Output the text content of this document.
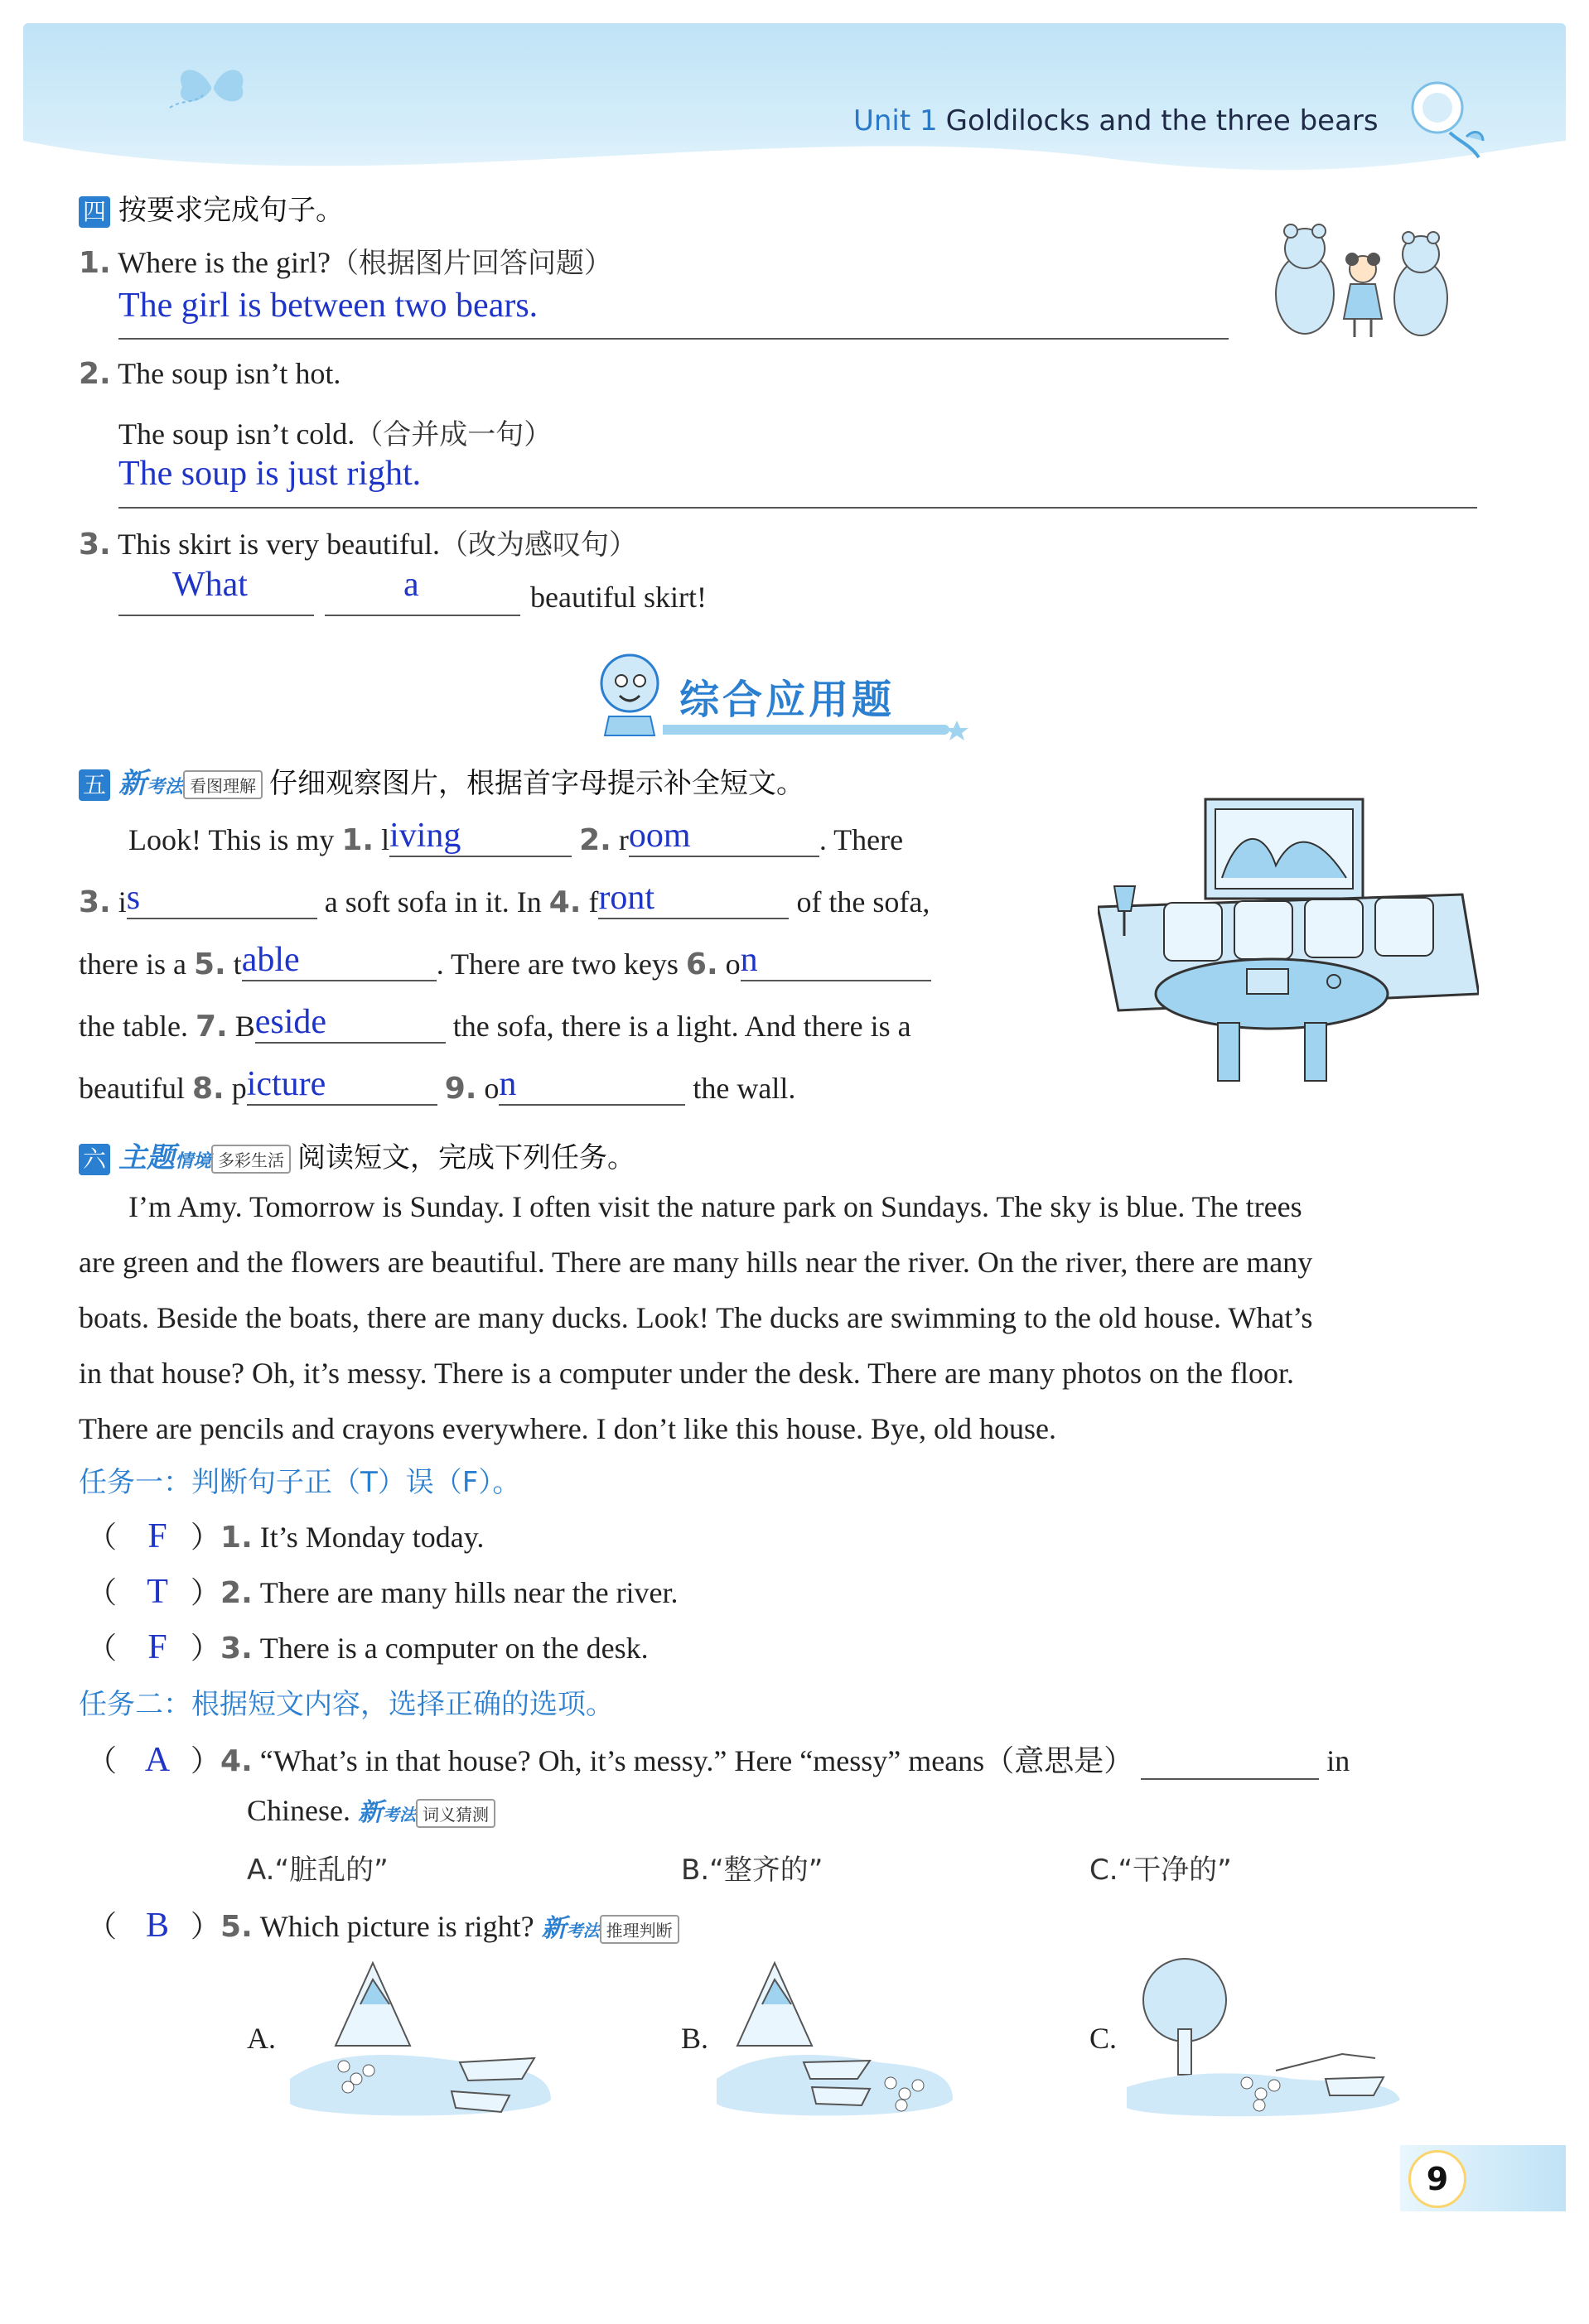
Unit 1 Goldilocks and the three bears
四 按要求完成句子。
1. Where is the girl?（根据图片回答问题）
The girl is between two bears.
2. The soup isn’t hot.
The soup isn’t cold.（合并成一句）
The soup is just right.
3. This skirt is very beautiful.（改为感叹句）
What	a	beautiful skirt!
综合应用题
五 新考法 看图理解 仔细观察图片，根据首字母提示补全短文。
Look! This is my 1. living	2. room	. There
3. is	a soft sofa in it. In 4. front	of the sofa,
there is a 5. table	. There are two keys 6. on
the table. 7. Beside	the sofa, there is a light. And there is a
beautiful 8. picture	9. on	the wall.
六 主题情境 多彩生活 阅读短文，完成下列任务。
I’m Amy. Tomorrow is Sunday. I often visit the nature park on Sundays. The sky is blue. The trees
are green and the flowers are beautiful. There are many hills near the river. On the river, there are many
boats. Beside the boats, there are many ducks. Look! The ducks are swimming to the old house. What’s
in that house? Oh, it’s messy. There is a computer under the desk. There are many photos on the floor.
There are pencils and crayons everywhere. I don’t like this house. Bye, old house.
任务一：判断句子正（T）误（F）。
（ F ）1. It’s Monday today.
（ T ）2. There are many hills near the river.
（ F ）3. There is a computer on the desk.
任务二：根据短文内容，选择正确的选项。
（ A ）4. “What’s in that house? Oh, it’s messy.” Here “messy” means（意思是）	in
Chinese. 新考法 词义猜测
A.“脏乱的”	B.“整齐的”	C.“干净的”
（ B ）5. Which picture is right? 新考法 推理判断
A.	B.	C.
9
